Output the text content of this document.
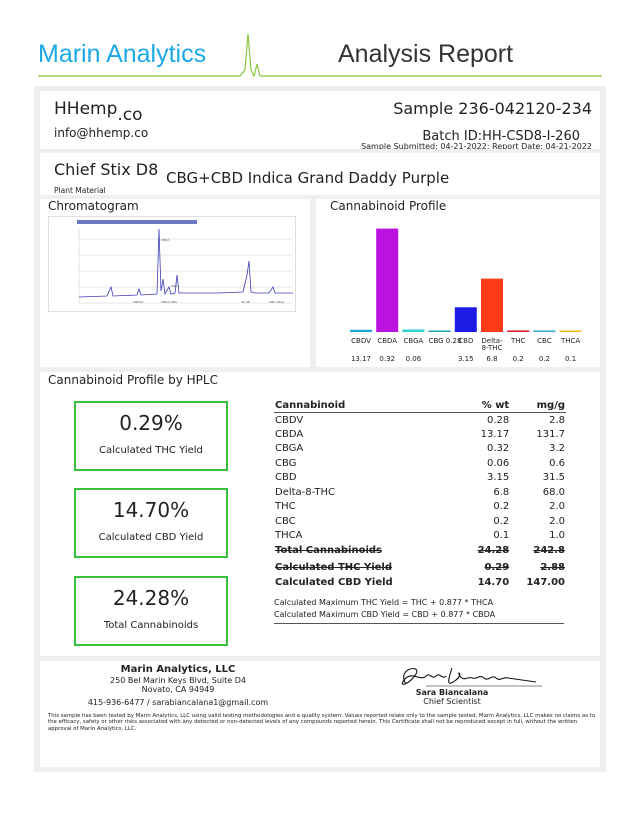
Marin Analytics	Analysis Report
HHemp.co
info@hhemp.co
Sample 236-042120-234
Batch ID:HH-CSD8-I-260
Sample Submitted: 04-21-2022; Report Date: 04-21-2022
Chief Stix D8
Plant Material
CBG+CBD Indica Grand Daddy Purple
Chromatogram
CBDA
CBDVA	CBGA CBG
CBD
d9 d8	CBC THCa
Cannabinoid Profile
CBDV
13.17
CBDA
0.32
CBGA
0.06
CBG 0.28
CBD
3.15
Delta-8-THC
6.8
THC
0.2
CBC
0.2
THCA
0.1
Cannabinoid Profile by HPLC
0.29%
Calculated THC Yield
14.70%
Calculated CBD Yield
24.28%
Total Cannabinoids
Cannabinoid	% wt	mg/g
CBDV	0.28	2.8
CBDA	13.17	131.7
CBGA	0.32	3.2
CBG	0.06	0.6
CBD	3.15	31.5
Delta-8-THC	6.8	68.0
THC	0.2	2.0
CBC	0.2	2.0
THCA	0.1	1.0
Total Cannabinoids	24.28	242.8

Calculated THC Yield	0.29	2.88
Calculated CBD Yield	14.70	147.00
Calculated Maximum THC Yield = THC + 0.877 * THCA
Calculated Maximum CBD Yield = CBD + 0.877 * CBDA
Marin Analytics, LLC
250 Bel Marin Keys Blvd, Suite D4
Novato, CA 94949
415-936-6477 / sarabiancalana1@gmail.com
Sara Biancalana
Chief Scientist
This sample has been tested by Marin Analytics, LLC using valid testing methodologies and a quality system. Values reported relate only to the sample tested. Marin Analytics, LLC makes no claims as to the efficacy, safety or other risks associated with any detected or non-detected levels of any compounds reported herein. This Certificate shall not be reproduced except in full, without the written approval of Marin Analytics, LLC.
